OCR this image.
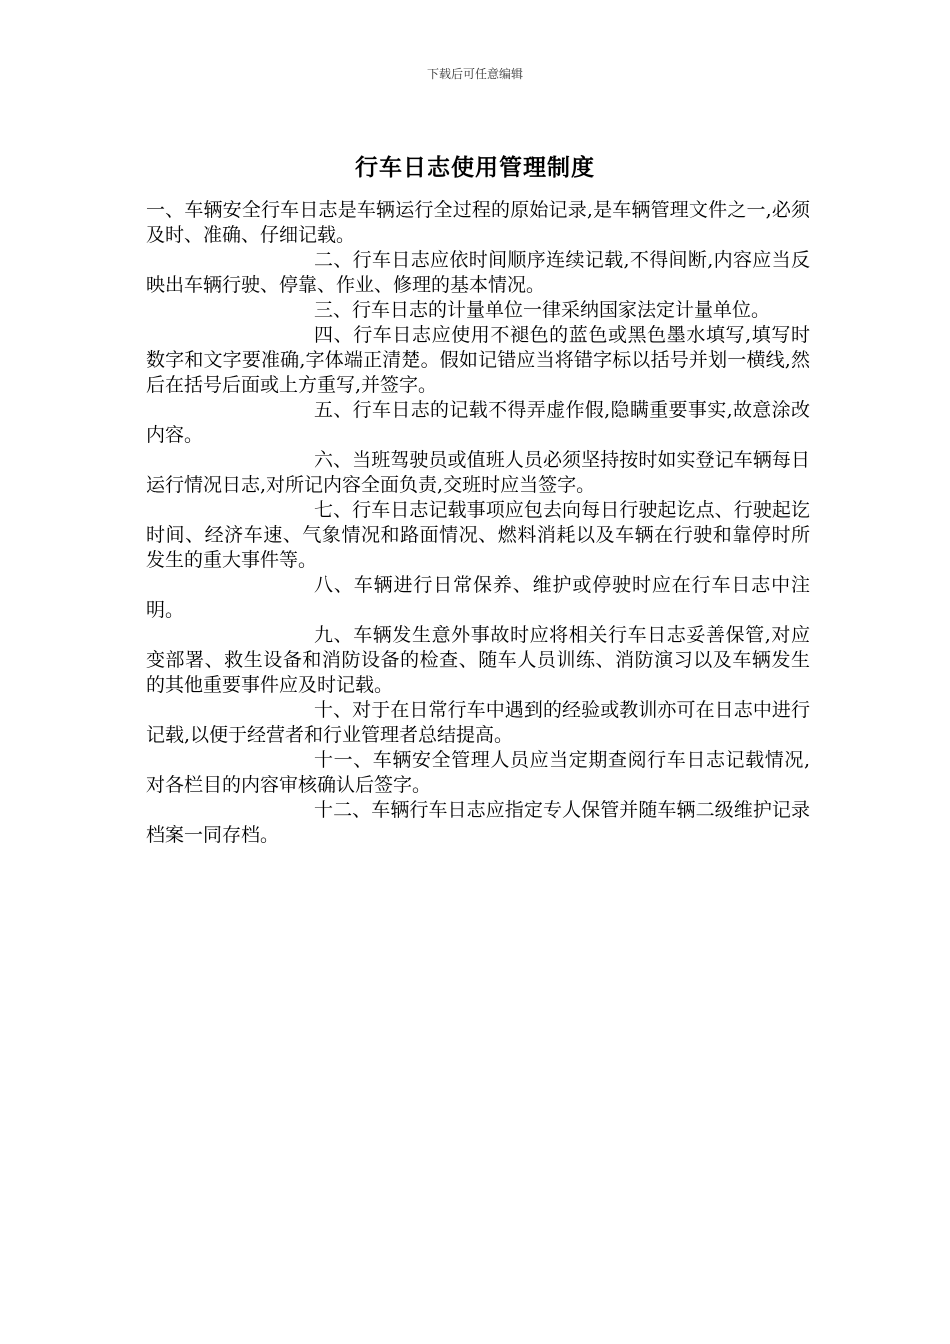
下载后可任意编辑
行车日志使用管理制度

一、车辆安全行车日志是车辆运行全过程的原始记录,是车辆管理文件之一,必须及时、准确、仔细记载。

二、行车日志应依时间顺序连续记载,不得间断,内容应当反映出车辆行驶、停靠、作业、修理的基本情况。

三、行车日志的计量单位一律采纳国家法定计量单位。

四、行车日志应使用不褪色的蓝色或黑色墨水填写,填写时数字和文字要准确,字体端正清楚。假如记错应当将错字标以括号并划一横线,然后在括号后面或上方重写,并签字。

五、行车日志的记载不得弄虚作假,隐瞒重要事实,故意涂改内容。

六、当班驾驶员或值班人员必须坚持按时如实登记车辆每日运行情况日志,对所记内容全面负责,交班时应当签字。

七、行车日志记载事项应包去向每日行驶起讫点、行驶起讫时间、经济车速、气象情况和路面情况、燃料消耗以及车辆在行驶和靠停时所发生的重大事件等。

八、车辆进行日常保养、维护或停驶时应在行车日志中注明。

九、车辆发生意外事故时应将相关行车日志妥善保管,对应变部署、救生设备和消防设备的检查、随车人员训练、消防演习以及车辆发生的其他重要事件应及时记载。

十、对于在日常行车中遇到的经验或教训亦可在日志中进行记载,以便于经营者和行业管理者总结提高。

十一、车辆安全管理人员应当定期查阅行车日志记载情况,对各栏目的内容审核确认后签字。

十二、车辆行车日志应指定专人保管并随车辆二级维护记录档案一同存档。
